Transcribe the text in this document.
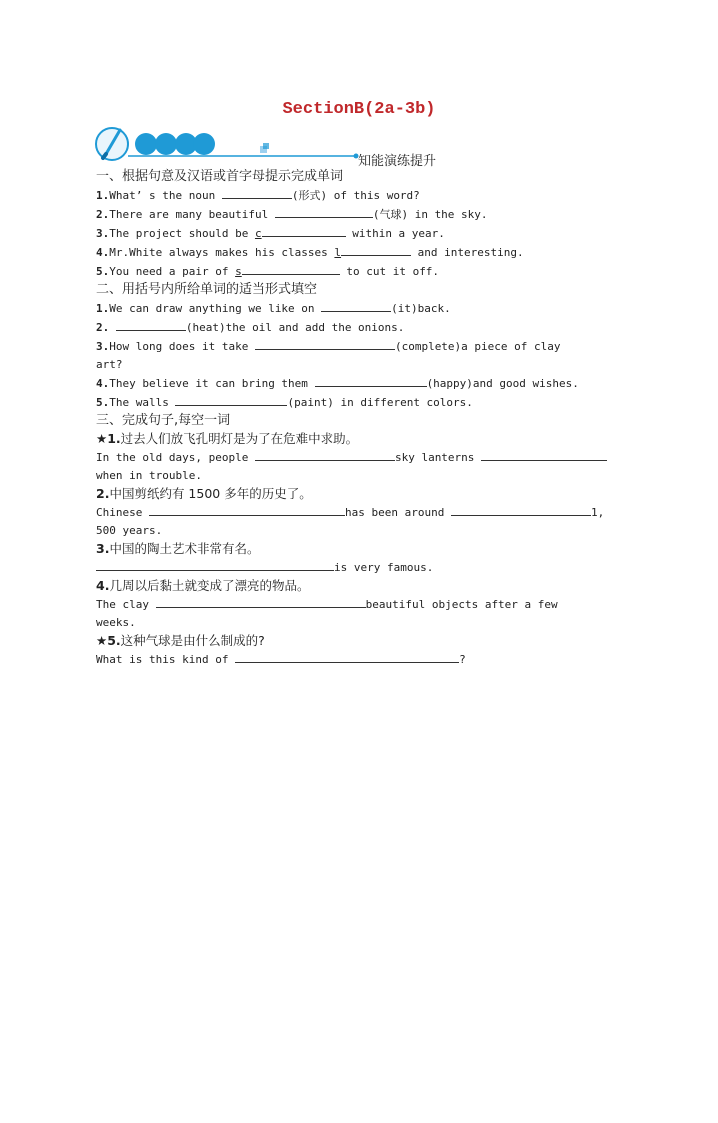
SectionB(2a-3b)
知能演练提升
一、根据句意及汉语或首字母提示完成单词
1.What’ s the noun	(形式) of this word?
2.There are many beautiful	(气球) in the sky.
3.The project should be c	within a year.
4.Mr.White always makes his classes l	and interesting.
5.You need a pair of s	to cut it off.
二、用括号内所给单词的适当形式填空
1.We can draw anything we like on	(it)back.
2.	(heat)the oil and add the onions.
3.How long does it take	(complete)a piece of clay
art?
4.They believe it can bring them	(happy)and good wishes.
5.The walls	(paint) in different colors.
三、完成句子,每空一词
★1.过去人们放飞孔明灯是为了在危难中求助。
In the old days, people	sky lanterns
when in trouble.
2.中国剪纸约有 1500 多年的历史了。
Chinese	has been around	1,
500 years.
3.中国的陶土艺术非常有名。
is very famous.
4.几周以后黏土就变成了漂亮的物品。
The clay	beautiful objects after a few
weeks.
★5.这种气球是由什么制成的?
What is this kind of	?
